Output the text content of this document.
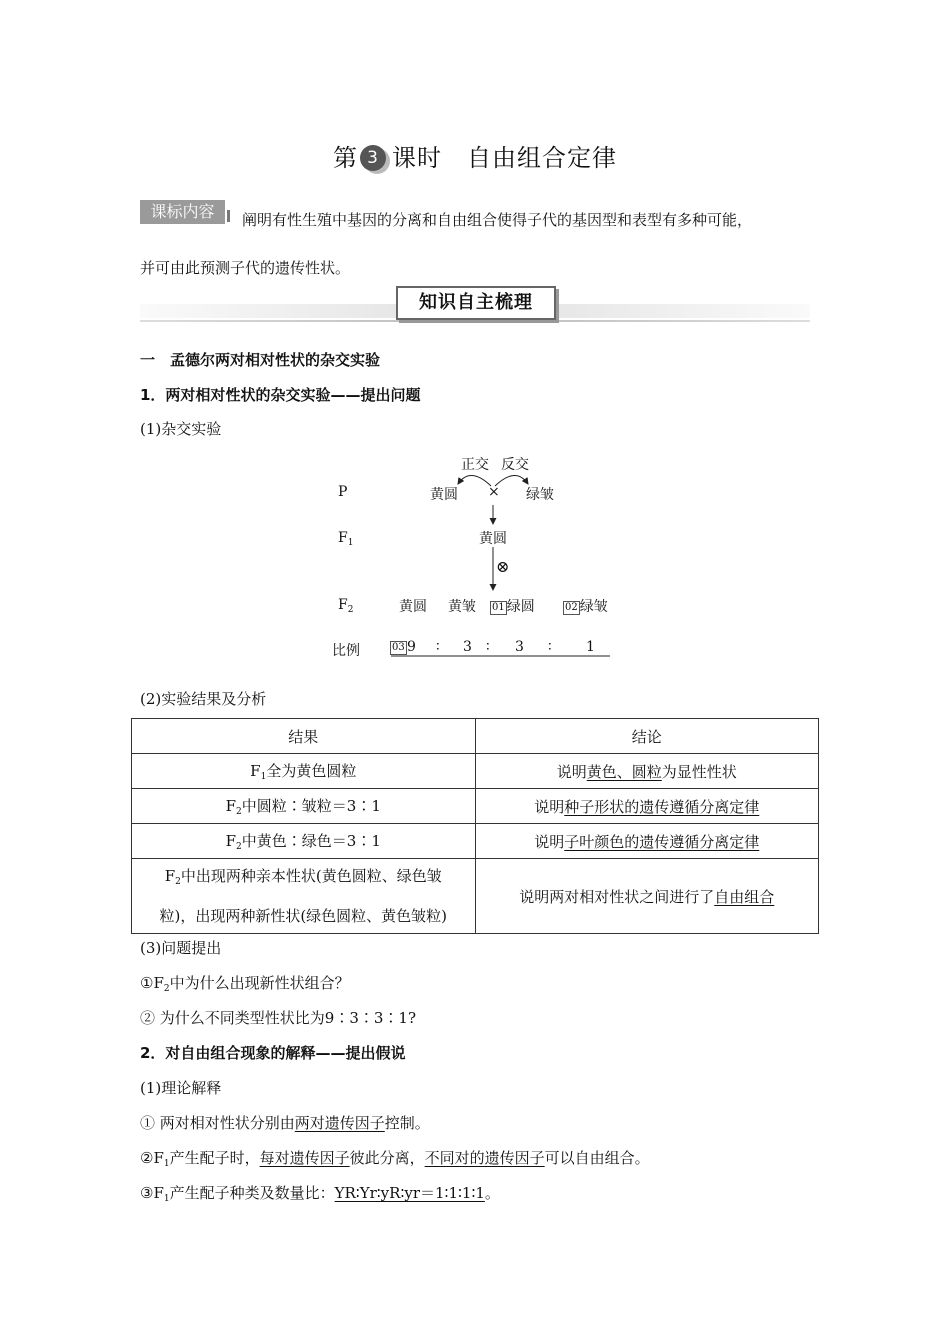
第 3 课时　 自由组合定律
课标内容	阐明有性生殖中基因的分离和自由组合使得子代的基因型和表型有多种可能，
并可由此预测子代的遗传性状。
知识自主梳理
一　孟德尔两对相对性状的杂交实验
1．两对相对性状的杂交实验——提出问题
(1)杂交实验
正交 反交
P	黄圆 × 绿皱
$F_1$	黄圆
⊗
$F_2$	黄圆 黄皱 01 绿圆	02 绿皱
比例	03 9 ∶ 3 ∶ 3 ∶ 1
(2)实验结果及分析
结果	结论
$F_1$全为黄色圆粒	说明黄色、圆粒为显性性状
$F_2$中圆粒∶皱粒＝3∶1	说明种子形状的遗传遵循分离定律
$F_2$中黄色∶绿色＝3∶1	说明子叶颜色的遗传遵循分离定律
$F_2$中出现两种亲本性状(黄色圆粒、绿色皱
粒)，出现两种新性状(绿色圆粒、黄色皱粒)	说明两对相对性状之间进行了自由组合
(3)问题提出
$①F_2$中为什么出现新性状组合？
② 为什么不同类型性状比为9∶3∶3∶1?
2．对自由组合现象的解释——提出假说
(1)理论解释
① 两对相对性状分别由两对遗传因子控制。
$②F_1$产生配子时，每对遗传因子彼此分离，不同对的遗传因子可以自由组合。
$③F_1$产生配子种类及数量比：YR∶Yr∶yR∶yr＝1∶1∶1∶1。
